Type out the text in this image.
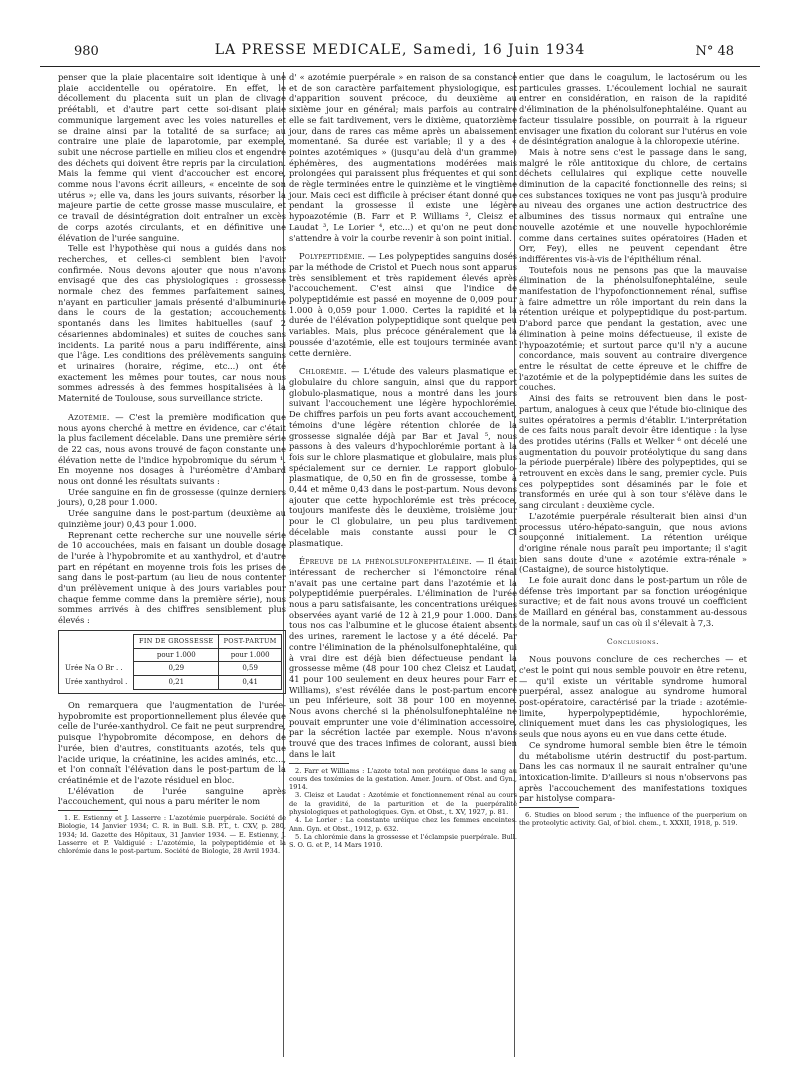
980	LA PRESSE MEDICALE, Samedi, 16 Juin 1934	N° 48

penser que la plaie placentaire soit identique à une plaie accidentelle ou opératoire. En effet, le décollement du placenta suit un plan de clivage préétabli, et d'autre part cette soi-disant plaie communique largement avec les voies naturelles et se draine ainsi par la totalité de sa surface; au contraire une plaie de laparotomie, par exemple, subit une nécrose partielle en milieu clos et engendre des déchets qui doivent être repris par la circulation. Mais la femme qui vient d'accoucher est encore, comme nous l'avons écrit ailleurs, « enceinte de son utérus »; elle va, dans les jours suivants, résorber la majeure partie de cette grosse masse musculaire, et ce travail de désintégration doit entraîner un excès de corps azotés circulants, et en définitive une élévation de l'urée sanguine.

Telle est l'hypothèse qui nous a guidés dans nos recherches, et celles-ci semblent bien l'avoir confirmée. Nous devons ajouter que nous n'avons envisagé que des cas physiologiques : grossesse normale chez des femmes parfaitement saines, n'ayant en particulier jamais présenté d'albuminurie dans le cours de la gestation; accouchements spontanés dans les limites habituelles (sauf 2 césariennes abdominales) et suites de couches sans incidents. La parité nous a paru indifférente, ainsi que l'âge. Les conditions des prélèvements sanguins et urinaires (horaire, régime, etc...) ont été exactement les mêmes pour toutes, car nous nous sommes adressés à des femmes hospitalisées à la Maternité de Toulouse, sous surveillance stricte.

Azotémie. — C'est la première modification que nous ayons cherché à mettre en évidence, car c'était la plus facilement décelable. Dans une première série de 22 cas, nous avons trouvé de façon constante une élévation nette de l'indice hypobromique du sérum ¹. En moyenne nos dosages à l'uréomètre d'Ambard nous ont donné les résultats suivants :

Urée sanguine en fin de grossesse (quinze derniers jours), 0,28 pour 1.000.

Urée sanguine dans le post-partum (deuxième au quinzième jour) 0,43 pour 1.000.

Reprenant cette recherche sur une nouvelle série de 10 accouchées, mais en faisant un double dosage de l'urée à l'hypobromite et au xanthydrol, et d'autre part en répétant en moyenne trois fois les prises de sang dans le post-partum (au lieu de nous contenter d'un prélèvement unique à des jours variables pour chaque femme comme dans la première série), nous sommes arrivés à des chiffres sensiblement plus élevés :

	FIN DE GROSSESSE	POST-PARTUM
	pour 1.000	pour 1.000
Urée Na O Br . .	0,29	0,59
Urée xanthydrol .	0,21	0,41

On remarquera que l'augmentation de l'urée-hypobromite est proportionnellement plus élevée que celle de l'urée-xanthydrol. Ce fait ne peut surprendre, puisque l'hypobromite décompose, en dehors de l'urée, bien d'autres, constituants azotés, tels que l'acide urique, la créatinine, les acides aminés, etc..., et l'on connaît l'élévation dans le post-partum de la créatinémie et de l'azote résiduel en bloc.

L'élévation de l'urée sanguine après l'accouchement, qui nous a paru mériter le nom

1. E. Estienny et J. Lasserre : L'azotémie puerpérale. Société de Biologie, 14 Janvier 1934; C. R. in Bull. S.B. P.T., t. CXV, p. 280, 1934; Id. Gazette des Hôpitaux, 31 Janvier 1934. — E. Estienny, J. Lasserre et P. Valdiguié : L'azotémie, la polypeptidémie et la chlorémie dans le post-partum. Société de Biologie, 28 Avril 1934.

d' « azotémie puerpérale » en raison de sa constance et de son caractère parfaitement physiologique, est d'apparition souvent précoce, du deuxième au sixième jour en général; mais parfois au contraire elle se fait tardivement, vers le dixième, quatorzième jour, dans de rares cas même après un abaissement momentané. Sa durée est variable; il y a des « pointes azotémiques » (jusqu'au delà d'un gramme) éphémères, des augmentations modérées mais prolongées qui paraissent plus fréquentes et qui sont de règle terminées entre le quinzième et le vingtième jour. Mais ceci est difficile à préciser étant donné que pendant la grossesse il existe une légère hypoazotémie (B. Farr et P. Williams ², Cleisz et Laudat ³, Le Lorier ⁴, etc...) et qu'on ne peut donc s'attendre à voir la courbe revenir à son point initial.

Polypeptidémie. — Les polypeptides sanguins dosés par la méthode de Cristol et Puech nous sont apparus très sensiblement et très rapidement élevés après l'accouchement. C'est ainsi que l'indice de polypeptidémie est passé en moyenne de 0,009 pour 1.000 à 0,059 pour 1.000. Certes la rapidité et la durée de l'élévation polypeptidique sont quelque peu variables. Mais, plus précoce généralement que la poussée d'azotémie, elle est toujours terminée avant cette dernière.

Chlorémie. — L'étude des valeurs plasmatique et globulaire du chlore sanguin, ainsi que du rapport globulo-plasmatique, nous a montré dans les jours suivant l'accouchement une légère hypochlorémie. De chiffres parfois un peu forts avant accouchement, témoins d'une légère rétention chlorée de la grossesse signalée déjà par Bar et Javal ⁵, nous passons à des valeurs d'hypochlorémie portant à la fois sur le chlore plasmatique et globulaire, mais plus spécialement sur ce dernier. Le rapport globulo-plasmatique, de 0,50 en fin de grossesse, tombe à 0,44 et même 0,43 dans le post-partum. Nous devons ajouter que cette hypochlorémie est très précoce, toujours manifeste dès le deuxième, troisième jour pour le Cl globulaire, un peu plus tardivement décelable mais constante aussi pour le Cl plasmatique.

Épreuve de la phénolsulfonephtaléine. — Il était intéressant de rechercher si l'émonctoire rénal n'avait pas une certaine part dans l'azotémie et la polypeptidémie puerpérales. L'élimination de l'urée nous a paru satisfaisante, les concentrations uréiques observées ayant varié de 12 à 21,9 pour 1.000. Dans tous nos cas l'albumine et le glucose étaient absents des urines, rarement le lactose y a été décelé. Par contre l'élimination de la phénolsulfonephtaléine, qui à vrai dire est déjà bien défectueuse pendant la grossesse même (48 pour 100 chez Cleisz et Laudat, 41 pour 100 seulement en deux heures pour Farr et Williams), s'est révélée dans le post-partum encore un peu inférieure, soit 38 pour 100 en moyenne. Nous avons cherché si la phénolsulfonephtaléine ne pouvait emprunter une voie d'élimination accessoire, par la sécrétion lactée par exemple. Nous n'avons trouvé que des traces infimes de colorant, aussi bien dans le lait

2. Farr et Williams : L'azote total non protéique dans le sang au cours des toxémies de la gestation. Amer. Journ. of Obst. and Gyn., 1914.

3. Cleisz et Laudat : Azotémie et fonctionnement rénal au cours de la gravidité, de la parturition et de la puerpéralité physiologiques et pathologiques. Gyn. et Obst., t. XV, 1927, p. 81.

4. Le Lorier : La constante uréique chez les femmes enceintes. Ann. Gyn. et Obst., 1912, p. 632.

5. La chlorémie dans la grossesse et l'éclampsie puerpérale. Bull. S. O. G. et P., 14 Mars 1910.

entier que dans le coagulum, le lactosérum ou les particules grasses. L'écoulement lochial ne saurait entrer en considération, en raison de la rapidité d'élimination de la phénolsulfonephtaléine. Quant au facteur tissulaire possible, on pourrait à la rigueur envisager une fixation du colorant sur l'utérus en voie de désintégration analogue à la chloropexie utérine.

Mais à notre sens c'est le passage dans le sang, malgré le rôle antitoxique du chlore, de certains déchets cellulaires qui explique cette nouvelle diminution de la capacité fonctionnelle des reins; si ces substances toxiques ne vont pas jusqu'à produire au niveau des organes une action destructrice des albumines des tissus normaux qui entraîne une nouvelle azotémie et une nouvelle hypochlorémie comme dans certaines suites opératoires (Haden et Orr, Fey), elles ne peuvent cependant être indifférentes vis-à-vis de l'épithélium rénal.

Toutefois nous ne pensons pas que la mauvaise élimination de la phénolsulfonephtaléine, seule manifestation de l'hypofonctionnement rénal, suffise à faire admettre un rôle important du rein dans la rétention uréique et polypeptidique du post-partum. D'abord parce que pendant la gestation, avec une élimination à peine moins défectueuse, il existe de l'hypoazotémie; et surtout parce qu'il n'y a aucune concordance, mais souvent au contraire divergence entre le résultat de cette épreuve et le chiffre de l'azotémie et de la polypeptidémie dans les suites de couches.

Ainsi des faits se retrouvent bien dans le post-partum, analogues à ceux que l'étude bio-clinique des suites opératoires a permis d'établir. L'interprétation de ces faits nous paraît devoir être identique : la lyse des protides utérins (Falls et Welker ⁶ ont décelé une augmentation du pouvoir protéolytique du sang dans la période puerpérale) libère des polypeptides, qui se retrouvent en excès dans le sang, premier cycle. Puis ces polypeptides sont désaminés par le foie et transformés en urée qui à son tour s'élève dans le sang circulant : deuxième cycle.

L'azotémie puerpérale résulterait bien ainsi d'un processus utéro-hépato-sanguin, que nous avions soupçonné initialement. La rétention uréique d'origine rénale nous paraît peu importante; il s'agit bien sans doute d'une « azotémie extra-rénale » (Castaigne), de source histolytique.

Le foie aurait donc dans le post-partum un rôle de défense très important par sa fonction uréogénique suractive; et de fait nous avons trouvé un coefficient de Maillard en général bas, constamment au-dessous de la normale, sauf un cas où il s'élevait à 7,3.

Conclusions.

Nous pouvons conclure de ces recherches — et c'est le point qui nous semble pouvoir en être retenu, — qu'il existe un véritable syndrome humoral puerpéral, assez analogue au syndrome humoral post-opératoire, caractérisé par la triade : azotémie-limite, hyperpolypeptidémie, hypochlorémie, cliniquement muet dans les cas physiologiques, les seuls que nous ayons eu en vue dans cette étude.

Ce syndrome humoral semble bien être le témoin du métabolisme utérin destructif du post-partum. Dans les cas normaux il ne saurait entraîner qu'une intoxication-limite. D'ailleurs si nous n'observons pas après l'accouchement des manifestations toxiques par histolyse compara-

6. Studies on blood serum ; the influence of the puerperium on the proteolytic activity. Gal, of biol. chem., t. XXXII, 1918, p. 519.
